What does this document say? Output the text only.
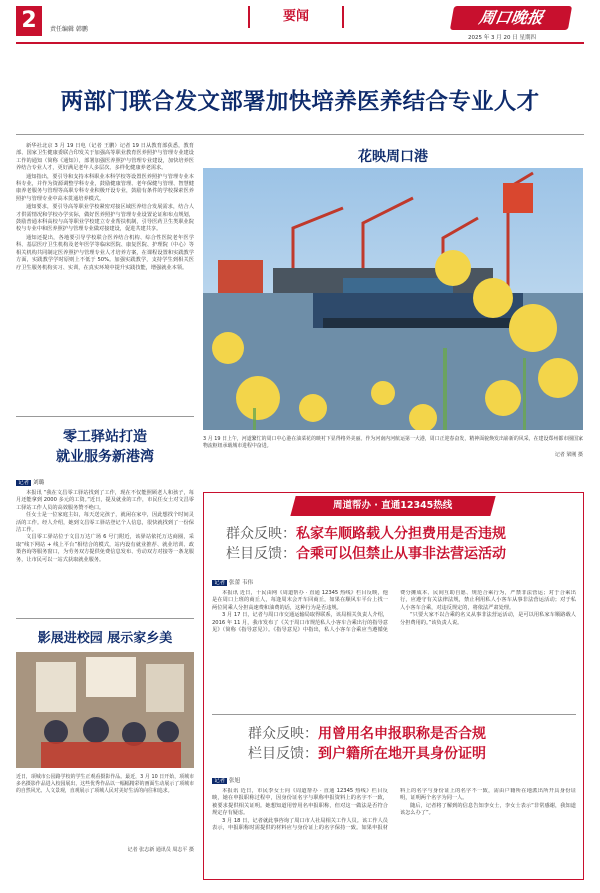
2	责任编辑 韩鹏
要闻	周口晚报
2025 年 3 月 20 日 星期四
两部门联合发文部署加快培养医养结合专业人才

新华社北京 3 月 19 日电（记者 王鹏）记者 19 日从教育部获悉，教育部、国家卫生健康委联合印发关于加强高等职业教育医养照护与管理专业建设工作的通知（简称《通知》），部署加强医养照护与管理专业建设，加快培养医养结合专业人才，更好满足老年人多层次、多样化健康养老需求。

通知指出，要引导和支持本科职业本科学校等设置医养照护与管理专业本科专业，并作为资源调整学科专业，鼓励健康管理、老年保健与管理、智慧健康养老服务与管理等高职专科专业积极开设专业，鼓励有条件的学校探索医养照护与管理专业中高本贯通培养模式。

通知要求，要引导高等职业学校紧密对接区域医养结合发展需求，结合人才供需情况和学校办学实际，做好医养照护与管理专业设置论证和布点规划，鼓励普通本科高校与高等职业学校建立专业帮扶机制，引导医药卫生类职业院校与专业中和医养照护与管理专业做对接建设，促进共建共享。

通知还提出，各地要引导学校联合医养结合机构、综合性医院老年医学科、基层医疗卫生机构及老年医学等临床医院、康复医院、护理院（中心）等相关机构共同制定医养照护与管理专业人才培养方案，在课程设置和实践教学方面，实践教学学时原则上不低于 50%。加强实践教学，支持学生到相关医疗卫生服务机构实习、实训，在真实环境中提升实践技能，增强就业本领。

花映周口港
3 月 19 日上午，河道繁忙的周口中心港在油菜花的映衬下显得格外美丽。作为河南内河航运第一大港，周口正迎春奋发，精神面貌焕发出崭新的风采，在建设郑州都市圈国家物流枢纽承载城市进程中奋进。
记者 梁刚 摄
零工驿站打造
就业服务新港湾
记者 刘璐

本报讯 “我在文昌零工驿站找到了工作，现在不仅能照顾老人和孩子，每月还能拿到 2000 多元的工资。”近日，提及就业的工作，市民任女士对文昌零工驿站工作人员的高效服务赞不绝口。

任女士是一位家庭主妇，每天送完孩子，就闲在家中，因此想找个时间灵活的工作。经人介绍，她到文昌零工驿站登记个人信息，很快就找到了一份保洁工作。

文昌零工驿站位于文昌万达广场 6 号门附近，该驿站依托万达商圈，采取“线下网站 + 线上平台”相结合的模式，站内设有就业推荐、就业培训、政策咨询等服务窗口，为劳务双方提供免费信息发布、劳动双方对接等一条龙服务，让市民可以一站式获取就业服务。

影展进校园 展示家乡美
近日，项城市公园路学校的学生正观看摄影作品。最近，3 月 10 日开始，项城市多名摄影作品进入校园展出，这些优秀作品以一幅幅精彩的画面生动展示了项城市的自然风光、人文景观，直观展示了项城人民对美好生活的向往和追求。
记者 张志新 通讯员 周志平 摄
周道帮办 · 直通12345热线
群众反映：私家车顺路载人分担费用是否违规
栏目反馈：合乘可以但禁止从事非法营运活动
记者 张蕾 韦伟

本报讯 近日，十民由网《周道帮办 · 直通 12345 热线》栏目反映，他是在周口上班的商丘人，每逢周末会开车回商丘，如果在顺风车平台上找一两位同乘人分担高速费和油费的话，这种行为是否违规。

3 月 17 日，记者与周口市交通运输局取得联系，该局相关负责人介绍，2016 年 11 月，我市发布了《关于周口市规范私人小客车合乘出行的指导意见》（简称《指导意见》）。《指导意见》中指出，私人小客车合乘应当遵循免费分摊成本、民间互助自愿、规范合乘行为，严禁非法营运；对于合乘出行，应遵守有关法律法规，禁止利用私人小客车从事非法营运活动；对于私人小客车合乘，对违反规定的，将依法严肃处理。

“只要大家不以合乘的名义从事非法营运活动，是可以用私家车顺路载人分担费用的。”该负责人说。

群众反映：用曾用名申报职称是否合规
栏目反馈：到户籍所在地开具身份证明
记者 张旭

本报讯 近日，市民李女士向《周道帮办 · 直通 12345 热线》栏目反映，她在申报职称过程中，因身份证名字与职称申报资料上的名字不一致，被要求提供相关证明。她想知道用曾用名申报职称，但对这一做法是否符合规定存有疑虑。

3 月 18 日，记者就此事咨询了周口市人社局相关工作人员。该工作人员表示，申报职称时需提供的材料应与身份证上的名字保持一致。如果申报材料上的名字与身份证上的名字不一致，需由户籍所在地派出所开具身份证明，证明两个名字为同一人。

随后，记者将了解到的信息告知李女士，李女士表示“非常感谢，我知道该怎么办了”。
